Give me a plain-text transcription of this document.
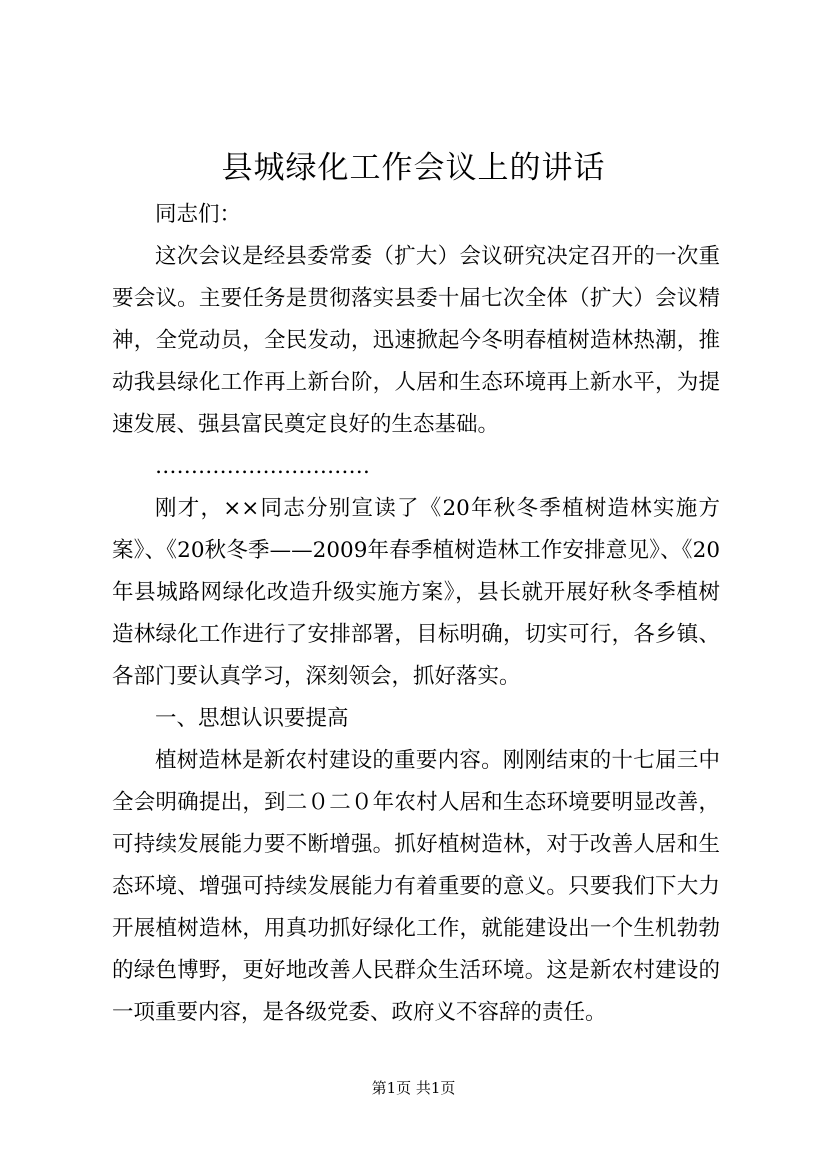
县城绿化工作会议上的讲话

同志们：

这次会议是经县委常委（扩大）会议研究决定召开的一次重要会议。主要任务是贯彻落实县委十届七次全体（扩大）会议精神，全党动员，全民发动，迅速掀起今冬明春植树造林热潮，推动我县绿化工作再上新台阶，人居和生态环境再上新水平，为提速发展、强县富民奠定良好的生态基础。

…………………………

刚才，××同志分别宣读了《20年秋冬季植树造林实施方案》、《20秋冬季——2009年春季植树造林工作安排意见》、《20年县城路网绿化改造升级实施方案》，县长就开展好秋冬季植树造林绿化工作进行了安排部署，目标明确，切实可行，各乡镇、各部门要认真学习，深刻领会，抓好落实。

一、思想认识要提高

植树造林是新农村建设的重要内容。刚刚结束的十七届三中全会明确提出，到二０二０年农村人居和生态环境要明显改善，可持续发展能力要不断增强。抓好植树造林，对于改善人居和生态环境、增强可持续发展能力有着重要的意义。只要我们下大力开展植树造林，用真功抓好绿化工作，就能建设出一个生机勃勃的绿色博野，更好地改善人民群众生活环境。这是新农村建设的一项重要内容，是各级党委、政府义不容辞的责任。

第1页 共1页
